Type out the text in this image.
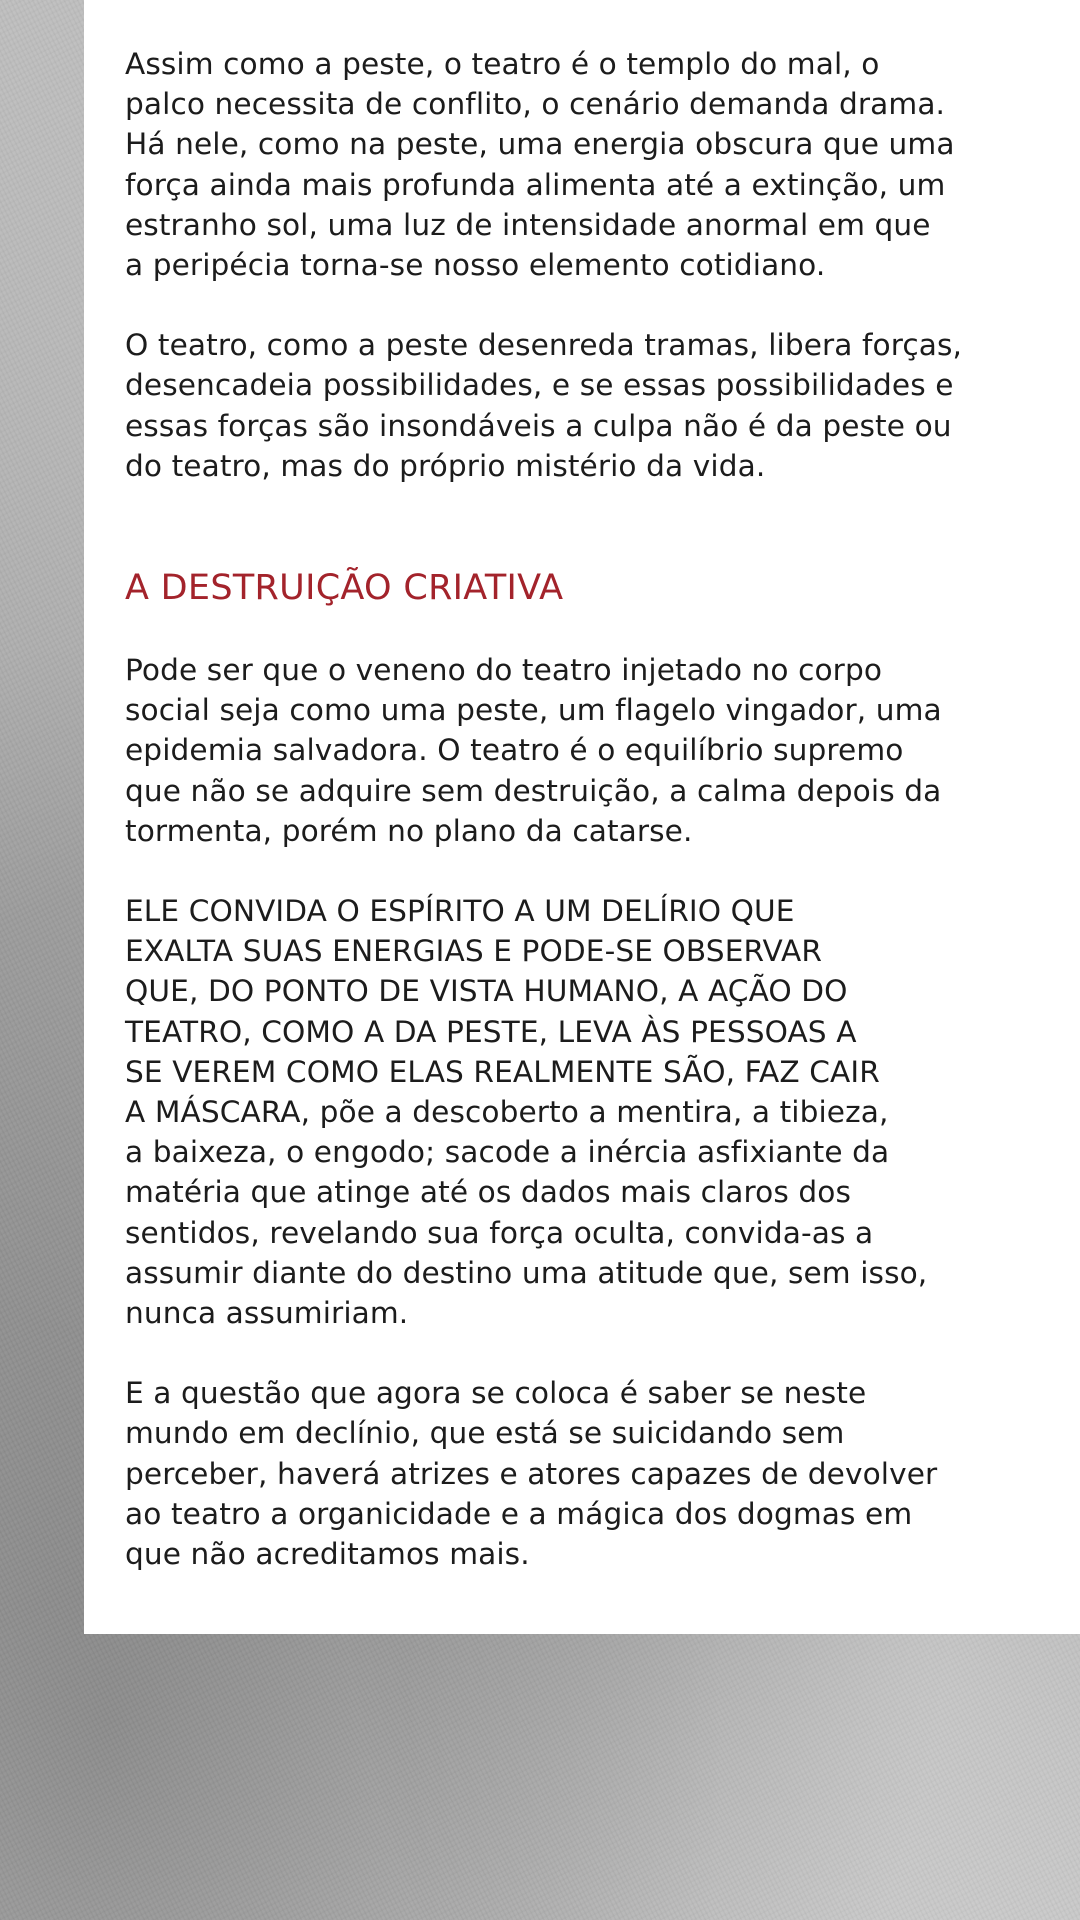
Assim como a peste, o teatro é o templo do mal, o
palco necessita de conflito, o cenário demanda drama.
Há nele, como na peste, uma energia obscura que uma
força ainda mais profunda alimenta até a extinção, um
estranho sol, uma luz de intensidade anormal em que
a peripécia torna-se nosso elemento cotidiano.

O teatro, como a peste desenreda tramas, libera forças,
desencadeia possibilidades, e se essas possibilidades e
essas forças são insondáveis a culpa não é da peste ou
do teatro, mas do próprio mistério da vida.

A DESTRUIÇÃO CRIATIVA

Pode ser que o veneno do teatro injetado no corpo
social seja como uma peste, um flagelo vingador, uma
epidemia salvadora. O teatro é o equilíbrio supremo
que não se adquire sem destruição, a calma depois da
tormenta, porém no plano da catarse.

ELE CONVIDA O ESPÍRITO A UM DELÍRIO QUE
EXALTA SUAS ENERGIAS E PODE-SE OBSERVAR
QUE, DO PONTO DE VISTA HUMANO, A AÇÃO DO
TEATRO, COMO A DA PESTE, LEVA ÀS PESSOAS A
SE VEREM COMO ELAS REALMENTE SÃO, FAZ CAIR
A MÁSCARA, põe a descoberto a mentira, a tibieza,
a baixeza, o engodo; sacode a inércia asfixiante da
matéria que atinge até os dados mais claros dos
sentidos, revelando sua força oculta, convida-as a
assumir diante do destino uma atitude que, sem isso,
nunca assumiriam.

E a questão que agora se coloca é saber se neste
mundo em declínio, que está se suicidando sem
perceber, haverá atrizes e atores capazes de devolver
ao teatro a organicidade e a mágica dos dogmas em
que não acreditamos mais.
